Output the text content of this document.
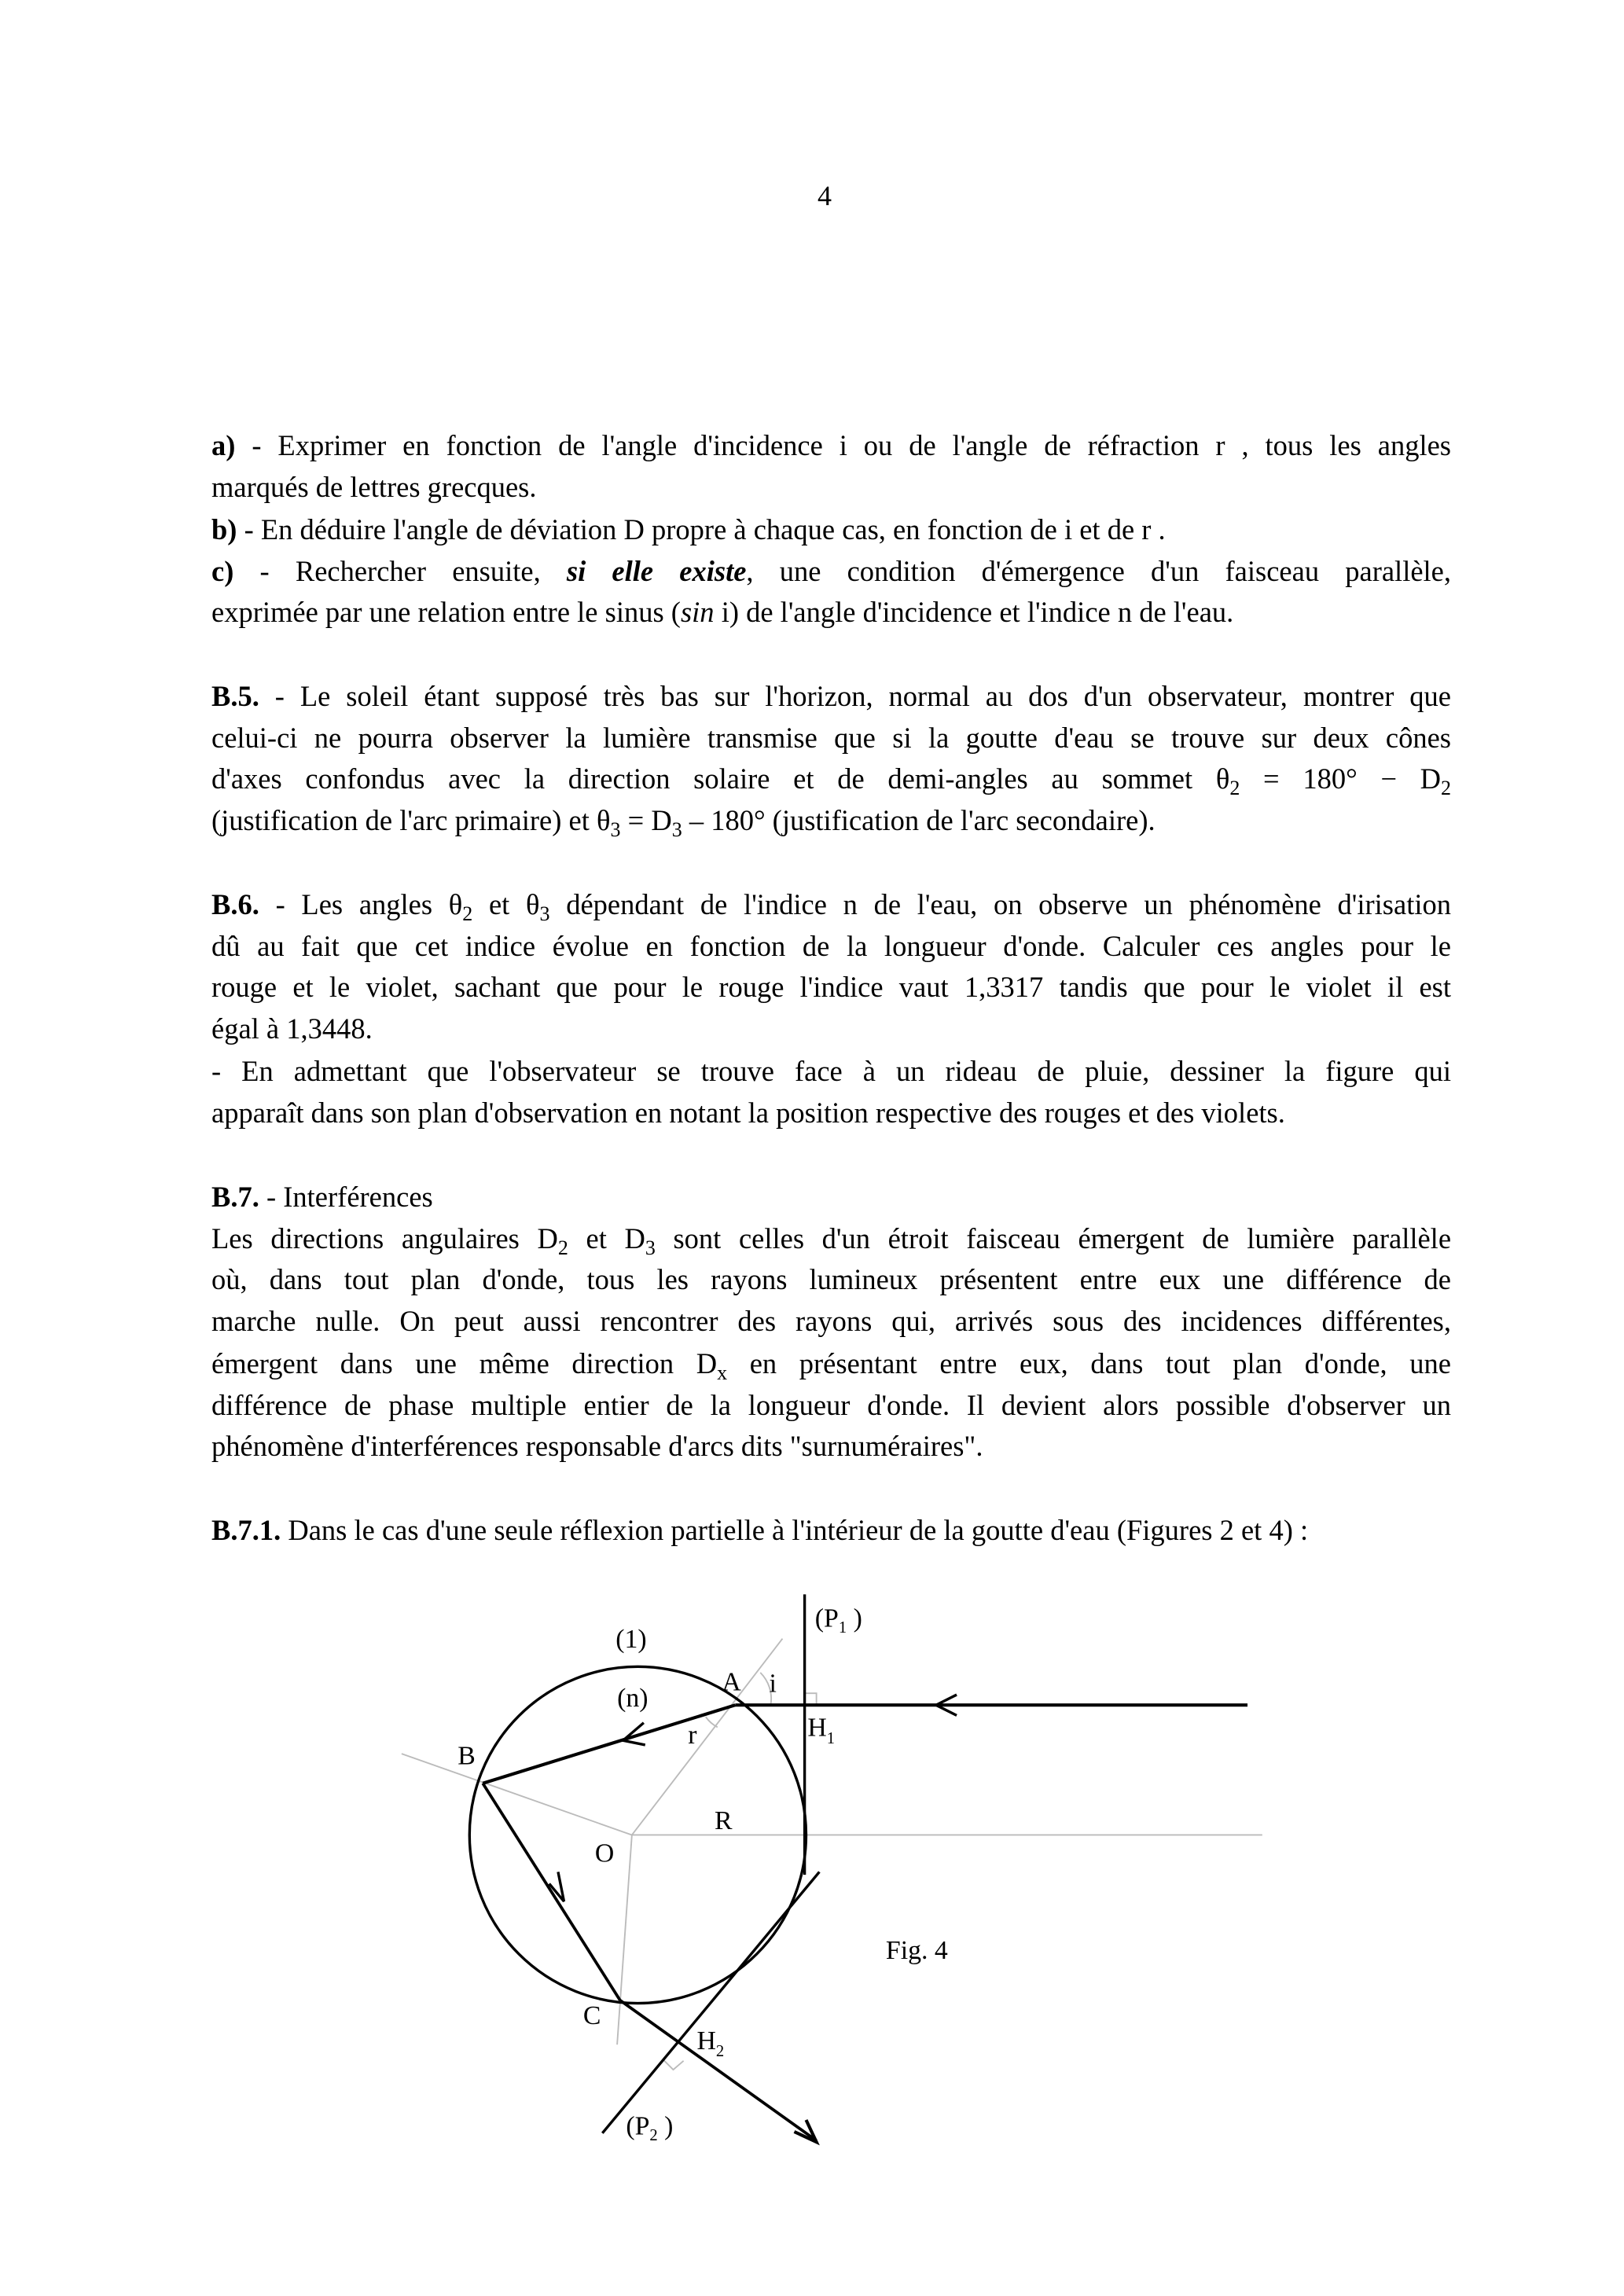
4
a) - Exprimer en fonction de l'angle d'incidence i ou de l'angle de réfraction r , tous les angles
marqués de lettres grecques.
b) - En déduire l'angle de déviation D propre à chaque cas, en fonction de i et de r .
c) - Rechercher ensuite, si elle existe, une condition d'émergence d'un faisceau parallèle,
exprimée par une relation entre le sinus (sin i) de l'angle d'incidence et l'indice n de l'eau.
B.5. - Le soleil étant supposé très bas sur l'horizon, normal au dos d'un observateur, montrer que
celui-ci ne pourra observer la lumière transmise que si la goutte d'eau se trouve sur deux cônes
d'axes confondus avec la direction solaire et de demi-angles au sommet $\theta_2 = 180^\circ - D_2$
(justification de l'arc primaire) et $\theta_3 = D_3 - 180^\circ$ (justification de l'arc secondaire).
B.6. - Les angles $\theta_2$ et $\theta_3$ dépendant de l'indice n de l'eau, on observe un phénomène d'irisation
dû au fait que cet indice évolue en fonction de la longueur d'onde. Calculer ces angles pour le
rouge et le violet, sachant que pour le rouge l'indice vaut 1,3317 tandis que pour le violet il est
égal à 1,3448.
- En admettant que l'observateur se trouve face à un rideau de pluie, dessiner la figure qui
apparaît dans son plan d'observation en notant la position respective des rouges et des violets.
B.7. - Interférences
Les directions angulaires $D_2$ et $D_3$ sont celles d'un étroit faisceau émergent de lumière parallèle
où, dans tout plan d'onde, tous les rayons lumineux présentent entre eux une différence de
marche nulle. On peut aussi rencontrer des rayons qui, arrivés sous des incidences différentes,
émergent dans une même direction $D_x$ en présentant entre eux, dans tout plan d'onde, une
différence de phase multiple entier de la longueur d'onde. Il devient alors possible d'observer un
phénomène d'interférences responsable d'arcs dits "surnuméraires".
B.7.1. Dans le cas d'une seule réflexion partielle à l'intérieur de la goutte d'eau (Figures 2 et 4) :
(1)
(n)
A i
r
($P_1$ )
$H_1$
B
R
O
Fig. 4
C
$H_2$
($P_2$ )
